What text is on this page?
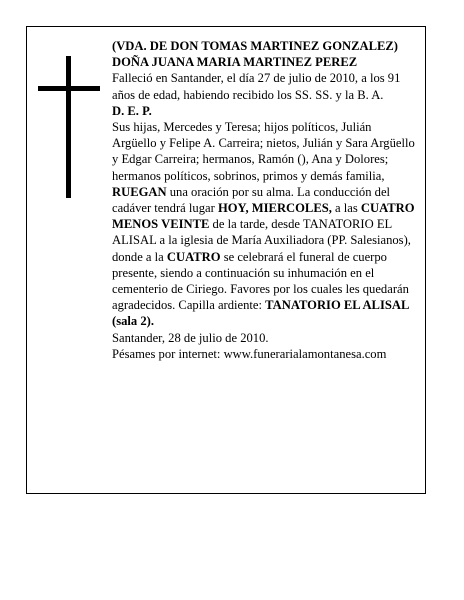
(VDA. DE DON TOMAS MARTINEZ GONZALEZ)

DOÑA JUANA MARIA MARTINEZ PEREZ

Falleció en Santander, el día 27 de julio de 2010, a los 91 años de edad, habiendo recibido los SS. SS. y la B. A.

D. E. P.

Sus hijas, Mercedes y Teresa; hijos políticos, Julián Argüello y Felipe A. Carreira; nietos, Julián y Sara Argüello y Edgar Carreira; hermanos, Ramón (), Ana y Dolores; hermanos políticos, sobrinos, primos y demás familia,

RUEGAN una oración por su alma. La conducción del cadáver tendrá lugar HOY, MIERCOLES, a las CUATRO MENOS VEINTE de la tarde, desde TANATORIO EL ALISAL a la iglesia de María Auxiliadora (PP. Salesianos), donde a la CUATRO se celebrará el funeral de cuerpo presente, siendo a continuación su inhumación en el cementerio de Ciriego. Favores por los cuales les quedarán agradecidos. Capilla ardiente: TANATORIO EL ALISAL (sala 2).

Santander, 28 de julio de 2010.

Pésames por internet: www.funerarialamontanesa.com
